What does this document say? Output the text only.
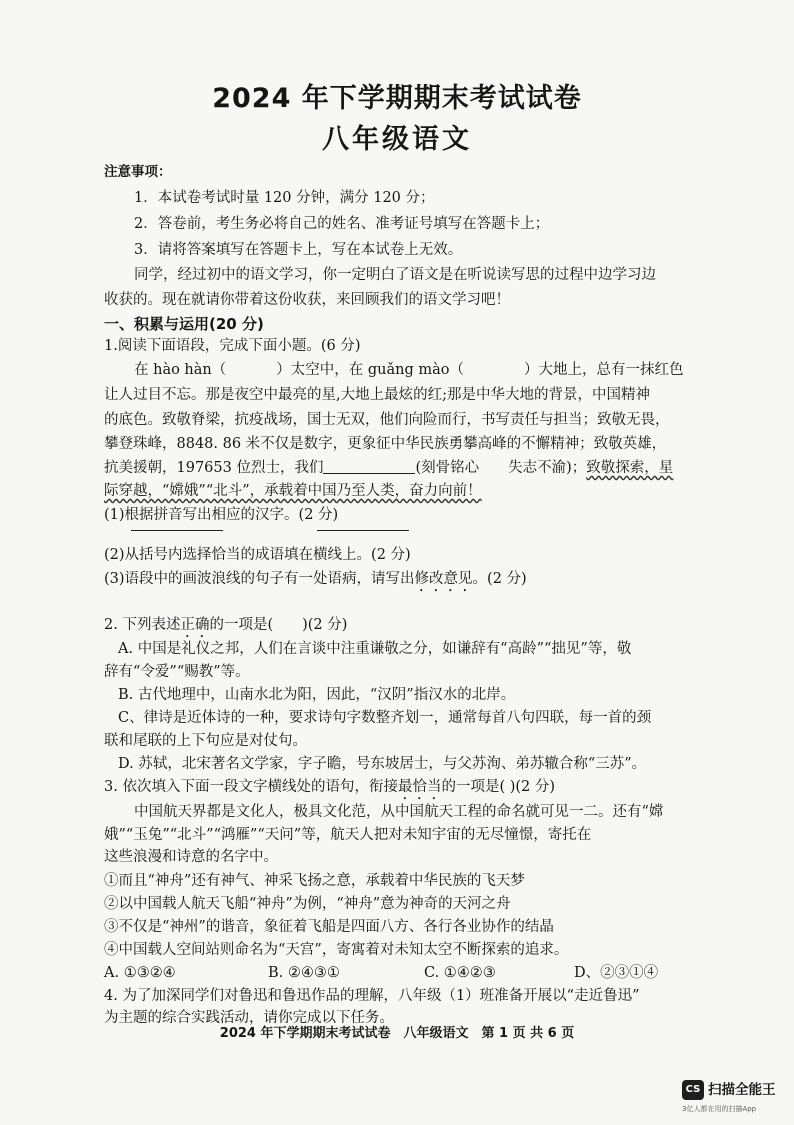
2024 年下学期期末考试试卷
八年级语文
注意事项：
1．本试卷考试时量 120 分钟，满分 120 分；
2．答卷前，考生务必将自己的姓名、准考证号填写在答题卡上；
3．请将答案填写在答题卡上，写在本试卷上无效。
同学，经过初中的语文学习，你一定明白了语文是在听说读写思的过程中边学习边
收获的。现在就请你带着这份收获，来回顾我们的语文学习吧！
一、积累与运用(20 分)
1.阅读下面语段，完成下面小题。(6 分)
在 hào hàn（	）太空中，在 guǎng mào（	）大地上，总有一抹红色
让人过目不忘。那是夜空中最亮的星,大地上最炫的红;那是中华大地的背景，中国精神
的底色。致敬脊梁，抗疫战场，国士无双，他们向险而行，书写责任与担当；致敬无畏，
攀登珠峰，8848. 86 米不仅是数字，更象征中华民族勇攀高峰的不懈精神；致敬英雄，
抗美援朝，197653 位烈士，我们	(刻骨铭心　　失志不渝)；致敬探索，星
际穿越，“嫦娥”“北斗”，承载着中国乃至人类，奋力向前！
(1)根据拼音写出相应的汉字。(2 分)
(2)从括号内选择恰当的成语填在横线上。(2 分)
(3)语段中的画波浪线的句子有一处语病，请写出修改意见。(2 分)
2. 下列表述正确的一项是(　　)(2 分)
A. 中国是礼仪之邦，人们在言谈中注重谦敬之分，如谦辞有“高龄”“拙见”等，敬
辞有“令爱”“赐教”等。
B. 古代地理中，山南水北为阳，因此，“汉阴”指汉水的北岸。
C、律诗是近体诗的一种，要求诗句字数整齐划一，通常每首八句四联，每一首的颈
联和尾联的上下句应是对仗句。
D. 苏轼，北宋著名文学家，字子瞻，号东坡居士，与父苏洵、弟苏辙合称“三苏”。
3. 依次填入下面一段文字横线处的语句，衔接最恰当的一项是( )(2 分)
中国航天界都是文化人，极具文化范，从中国航天工程的命名就可见一二。还有“嫦
娥”“玉兔”“北斗”“鸿雁”“天问”等，航天人把对未知宇宙的无尽憧憬，寄托在
这些浪漫和诗意的名字中。
①而且“神舟”还有神气、神采飞扬之意，承载着中华民族的飞天梦
②以中国载人航天飞船“神舟”为例，“神舟”意为神奇的天河之舟
③不仅是“神州”的谐音，象征着飞船是四面八方、各行各业协作的结晶
④中国载人空间站则命名为“天宫”，寄寓着对未知太空不断探索的追求。
A. ①③②④	B. ②④③①	C. ①④②③	D、②③①④
4. 为了加深同学们对鲁迅和鲁迅作品的理解，八年级（1）班准备开展以“走近鲁迅”
为主题的综合实践活动，请你完成以下任务。
2024 年下学期期末考试试卷　八年级语文　第 1 页 共 6 页
CS 扫描全能王
3亿人都在用的扫描App
